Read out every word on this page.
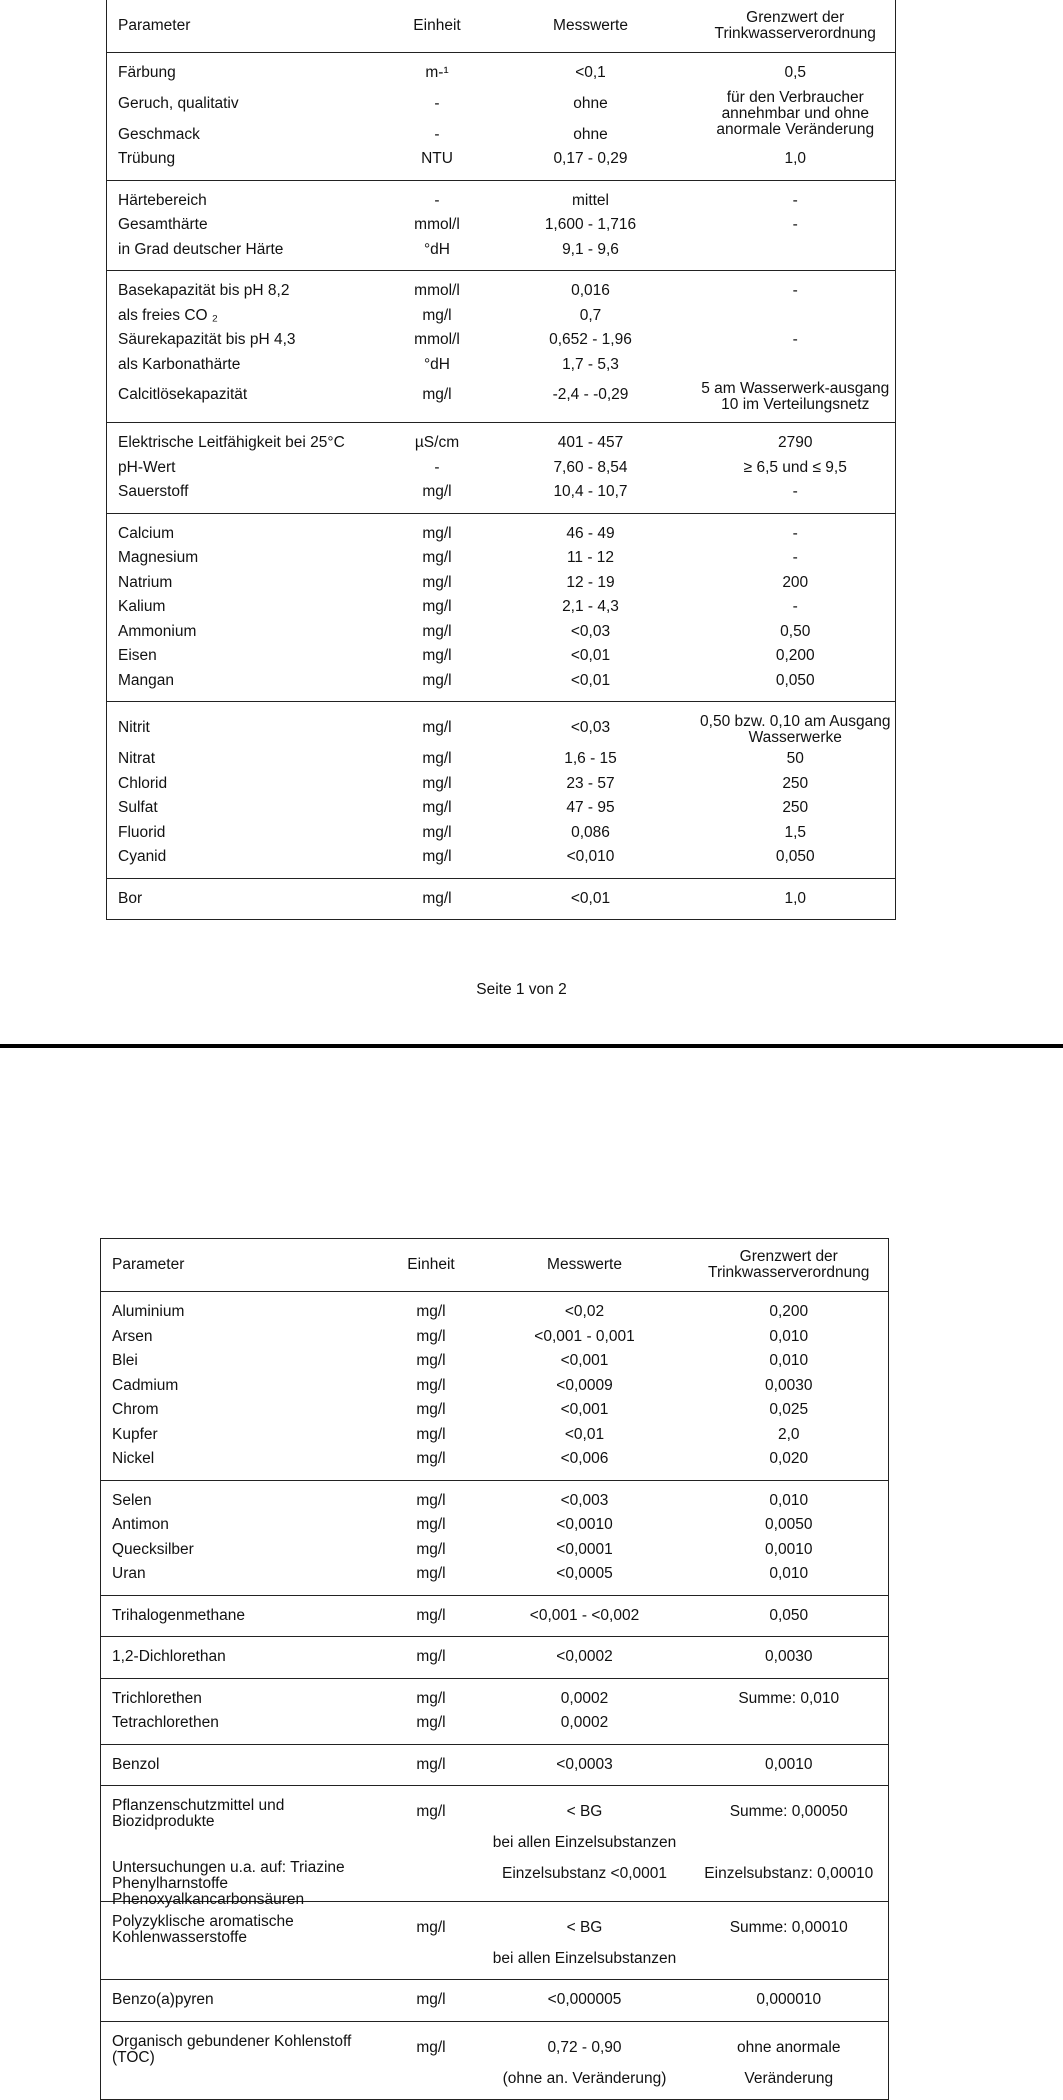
Parameter	Einheit	Messwerte	Grenzwert der Trinkwasserverordnung

Färbung	m-¹	<0,1	0,5

Geruch, qualitativ	-	ohne	für den Verbraucher annehmbar und ohne anormale Veränderung

Geschmack	-	ohne	

Trübung	NTU	0,17 - 0,29	1,0

Härtebereich	-	mittel	-

Gesamthärte	mmol/l	1,600 - 1,716	-

in Grad deutscher Härte	°dH	9,1 - 9,6	

Basekapazität bis pH 8,2	mmol/l	0,016	-

als freies CO ₂	mg/l	0,7	

Säurekapazität bis pH 4,3	mmol/l	0,652 - 1,96	-

als Karbonathärte	°dH	1,7 - 5,3	

Calcitlösekapazität	mg/l	-2,4 - -0,29	5 am Wasserwerk-ausgang 10 im Verteilungsnetz

Elektrische Leitfähigkeit bei 25°C	µS/cm	401 - 457	2790

pH-Wert	-	7,60 - 8,54	≥ 6,5 und ≤ 9,5

Sauerstoff	mg/l	10,4 - 10,7	-

Calcium	mg/l	46 - 49	-

Magnesium	mg/l	11 - 12	-

Natrium	mg/l	12 - 19	200

Kalium	mg/l	2,1 - 4,3	-

Ammonium	mg/l	<0,03	0,50

Eisen	mg/l	<0,01	0,200

Mangan	mg/l	<0,01	0,050

Nitrit	mg/l	<0,03	0,50 bzw. 0,10 am Ausgang Wasserwerke

Nitrat	mg/l	1,6 - 15	50

Chlorid	mg/l	23 - 57	250

Sulfat	mg/l	47 - 95	250

Fluorid	mg/l	0,086	1,5

Cyanid	mg/l	<0,010	0,050

Bor	mg/l	<0,01	1,0
Seite 1 von 2
Parameter	Einheit	Messwerte	Grenzwert der Trinkwasserverordnung

Aluminium	mg/l	<0,02	0,200

Arsen	mg/l	<0,001 - 0,001	0,010

Blei	mg/l	<0,001	0,010

Cadmium	mg/l	<0,0009	0,0030

Chrom	mg/l	<0,001	0,025

Kupfer	mg/l	<0,01	2,0

Nickel	mg/l	<0,006	0,020

Selen	mg/l	<0,003	0,010

Antimon	mg/l	<0,0010	0,0050

Quecksilber	mg/l	<0,0001	0,0010

Uran	mg/l	<0,0005	0,010

Trihalogenmethane	mg/l	<0,001 - <0,002	0,050

1,2-Dichlorethan	mg/l	<0,0002	0,0030

Trichlorethen	mg/l	0,0002	Summe: 0,010

Tetrachlorethen	mg/l	0,0002	

Benzol	mg/l	<0,0003	0,0010

Pflanzenschutzmittel und Biozidprodukte	mg/l	< BG	Summe: 0,00050

		bei allen Einzelsubstanzen	

Untersuchungen u.a. auf: Triazine Phenylharnstoffe Phenoxyalkancarbonsäuren		Einzelsubstanz <0,0001	Einzelsubstanz: 0,00010

Polyzyklische aromatische Kohlenwasserstoffe	mg/l	< BG	Summe: 0,00010

		bei allen Einzelsubstanzen	

Benzo(a)pyren	mg/l	<0,000005	0,000010

Organisch gebundener Kohlenstoff (TOC)	mg/l	0,72 - 0,90	ohne anormale

		(ohne an. Veränderung)	Veränderung
